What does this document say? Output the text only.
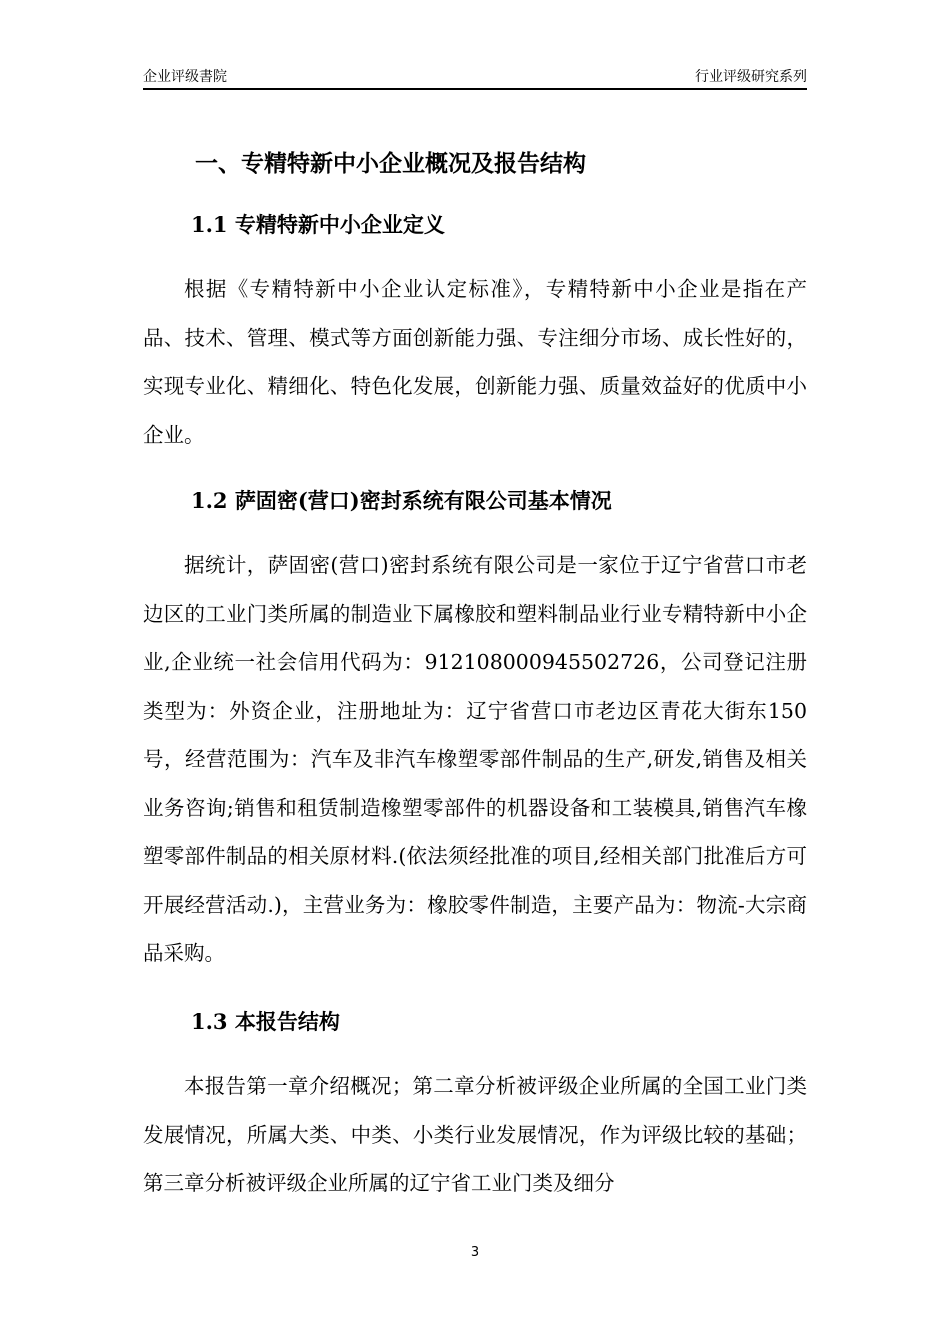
企业评级書院	行业评级研究系列
一、专精特新中小企业概况及报告结构
1.1 专精特新中小企业定义

根据《专精特新中小企业认定标准》，专精特新中小企业是指在产品、技术、管理、模式等方面创新能力强、专注细分市场、成长性好的，实现专业化、精细化、特色化发展，创新能力强、质量效益好的优质中小企业。

1.2 萨固密(营口)密封系统有限公司基本情况

据统计，萨固密(营口)密封系统有限公司是一家位于辽宁省营口市老边区的工业门类所属的制造业下属橡胶和塑料制品业行业专精特新中小企业,企业统一社会信用代码为：912108000945502726，公司登记注册类型为：外资企业，注册地址为：辽宁省营口市老边区青花大街东150号，经营范围为：汽车及非汽车橡塑零部件制品的生产,研发,销售及相关业务咨询;销售和租赁制造橡塑零部件的机器设备和工装模具,销售汽车橡塑零部件制品的相关原材料.(依法须经批准的项目,经相关部门批准后方可开展经营活动.)，主营业务为：橡胶零件制造，主要产品为：物流-大宗商品采购。

1.3 本报告结构

本报告第一章介绍概况；第二章分析被评级企业所属的全国工业门类发展情况，所属大类、中类、小类行业发展情况，作为评级比较的基础；第三章分析被评级企业所属的辽宁省工业门类及细分

3
